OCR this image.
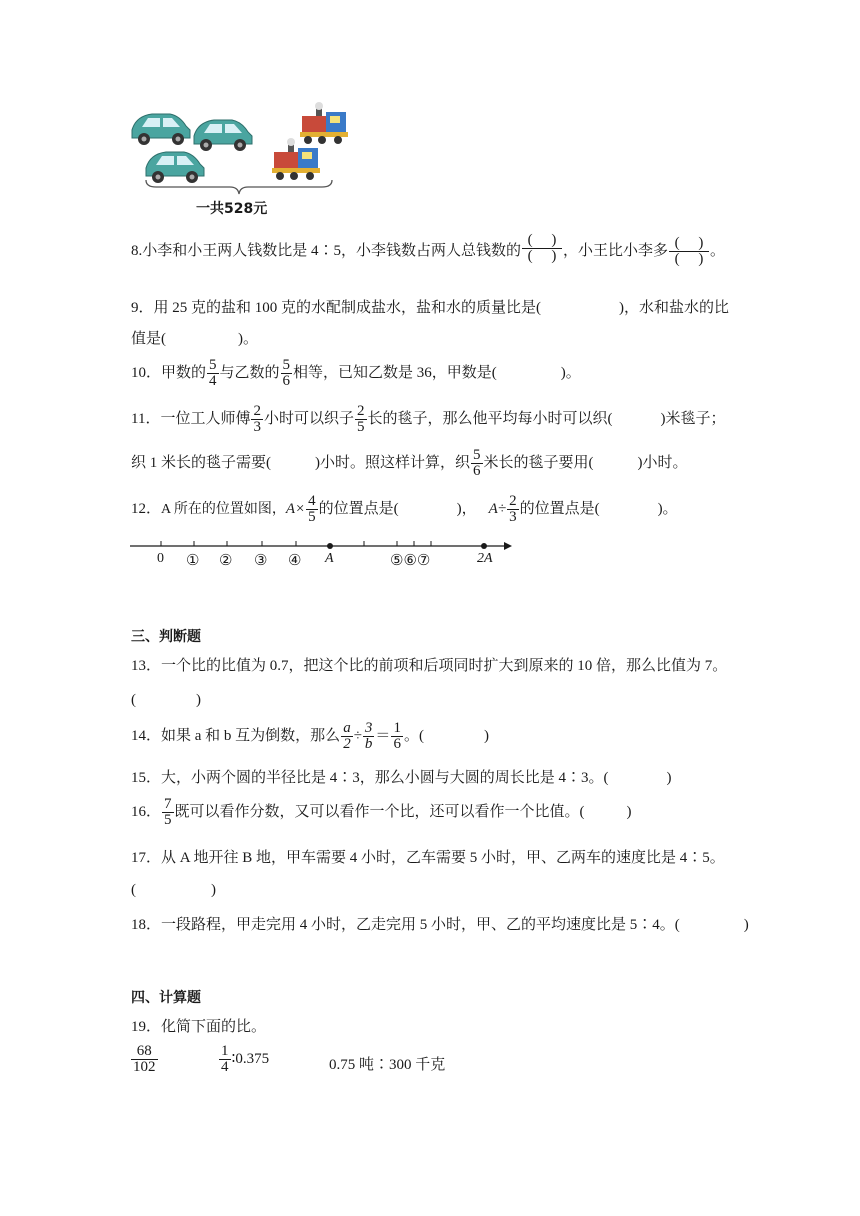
一共528元
8.小李和小王两人钱数比是 4∶5，小李钱数占两人总钱数的 $\frac{( )}{( )}$ ，小王比小李多 $\frac{( )}{( )}$ 。
9．用 25 克的盐和 100 克的水配制成盐水，盐和水的质量比是(	)，水和盐水的比
值是(	)。
10．甲数的 $\frac{5}{4}$ 与乙数的 $\frac{5}{6}$ 相等，已知乙数是 36，甲数是(	)。
11．一位工人师傅 $\frac{2}{3}$ 小时可以织子 $\frac{2}{5}$ 长的毯子，那么他平均每小时可以织(	)米毯子；
织 1 米长的毯子需要(	)小时。照这样计算，织 $\frac{5}{6}$ 米长的毯子要用(	)小时。
12．A 所在的位置如图，$A\times \frac{4}{5}$ 的位置点是(	)， $A\div \frac{2}{3}$ 的位置点是(	)。
0 ① ② ③ ④ A	⑤⑥⑦	2A
三、判断题
13．一个比的比值为 0.7，把这个比的前项和后项同时扩大到原来的 10 倍，那么比值为 7。
(　　　　)
14．如果 a 和 b 互为倒数，那么 $\frac{a}{2} \div \frac{3}{b} = \frac{1}{6}$ 。(	)
15．大，小两个圆的半径比是 4∶3，那么小圆与大圆的周长比是 4∶3。(	)
16． $\frac{7}{5}$ 既可以看作分数，又可以看作一个比，还可以看作一个比值。(	)
17．从 A 地开往 B 地，甲车需要 4 小时，乙车需要 5 小时，甲、乙两车的速度比是 4∶5。
(　　　　　)
18．一段路程，甲走完用 4 小时，乙走完用 5 小时，甲、乙的平均速度比是 5∶4。(	)
四、计算题
19．化简下面的比。
$\frac{68}{102}$	$\frac{1}{4}$ ∶0.375	0.75 吨∶300 千克
